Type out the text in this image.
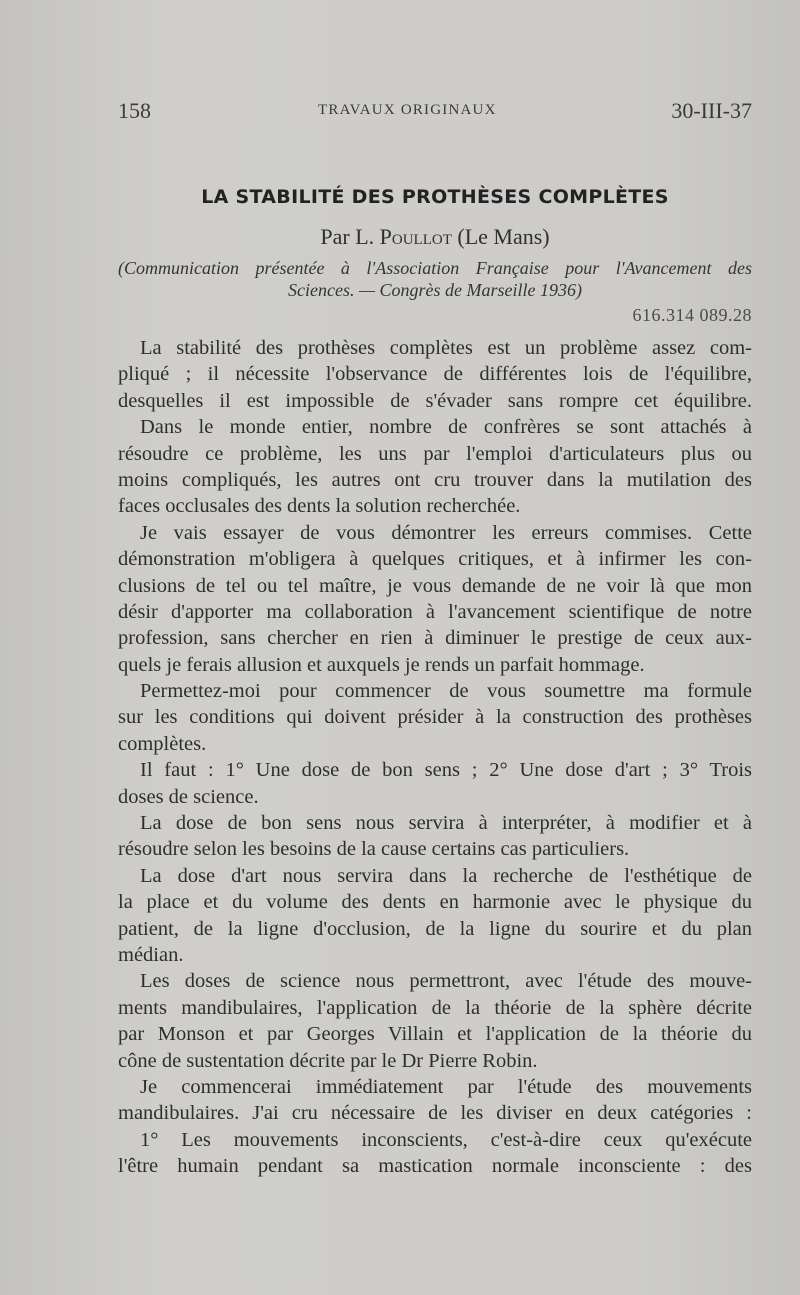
158	TRAVAUX ORIGINAUX	30-III-37
LA STABILITÉ DES PROTHÈSES COMPLÈTES
Par L. Poullot (Le Mans)
(Communication présentée à l'Association Française pour l'Avancement des
Sciences. — Congrès de Marseille 1936)
616.314 089.28
La stabilité des prothèses complètes est un problème assez com-
pliqué ; il nécessite l'observance de différentes lois de l'équilibre,
desquelles il est impossible de s'évader sans rompre cet équilibre.
Dans le monde entier, nombre de confrères se sont attachés à
résoudre ce problème, les uns par l'emploi d'articulateurs plus ou
moins compliqués, les autres ont cru trouver dans la mutilation des
faces occlusales des dents la solution recherchée.
Je vais essayer de vous démontrer les erreurs commises. Cette
démonstration m'obligera à quelques critiques, et à infirmer les con-
clusions de tel ou tel maître, je vous demande de ne voir là que mon
désir d'apporter ma collaboration à l'avancement scientifique de notre
profession, sans chercher en rien à diminuer le prestige de ceux aux-
quels je ferais allusion et auxquels je rends un parfait hommage.
Permettez-moi pour commencer de vous soumettre ma formule
sur les conditions qui doivent présider à la construction des prothèses
complètes.
Il faut : 1° Une dose de bon sens ; 2° Une dose d'art ; 3° Trois
doses de science.
La dose de bon sens nous servira à interpréter, à modifier et à
résoudre selon les besoins de la cause certains cas particuliers.
La dose d'art nous servira dans la recherche de l'esthétique de
la place et du volume des dents en harmonie avec le physique du
patient, de la ligne d'occlusion, de la ligne du sourire et du plan
médian.
Les doses de science nous permettront, avec l'étude des mouve-
ments mandibulaires, l'application de la théorie de la sphère décrite
par Monson et par Georges Villain et l'application de la théorie du
cône de sustentation décrite par le Dr Pierre Robin.
Je commencerai immédiatement par l'étude des mouvements
mandibulaires. J'ai cru nécessaire de les diviser en deux catégories :
1° Les mouvements inconscients, c'est-à-dire ceux qu'exécute
l'être humain pendant sa mastication normale inconsciente : des
